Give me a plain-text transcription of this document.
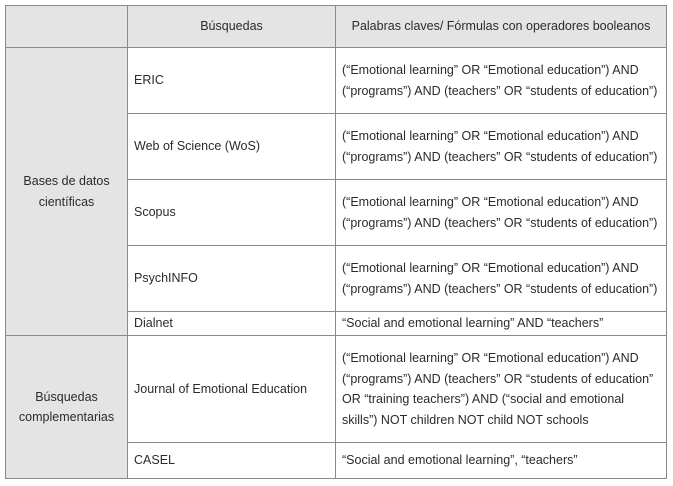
	Búsquedas	Palabras claves/ Fórmulas con operadores booleanos
Bases de datos científicas	ERIC	(“Emotional learning” OR “Emotional education”) AND (“programs”) AND (teachers” OR “students of education”)
	Web of Science (WoS)	(“Emotional learning” OR “Emotional education”) AND (“programs”) AND (teachers” OR “students of education”)
	Scopus	(“Emotional learning” OR “Emotional education”) AND (“programs”) AND (teachers” OR “students of education”)
	PsychINFO	(“Emotional learning” OR “Emotional education”) AND (“programs”) AND (teachers” OR “students of education”)
	Dialnet	“Social and emotional learning” AND “teachers”
Búsquedas complementarias	Journal of Emotional Education	(“Emotional learning” OR “Emotional education”) AND (“programs”) AND (teachers” OR “students of education” OR “training teachers”) AND (“social and emotional skills”) NOT children NOT child NOT schools
	CASEL	“Social and emotional learning”, “teachers”
